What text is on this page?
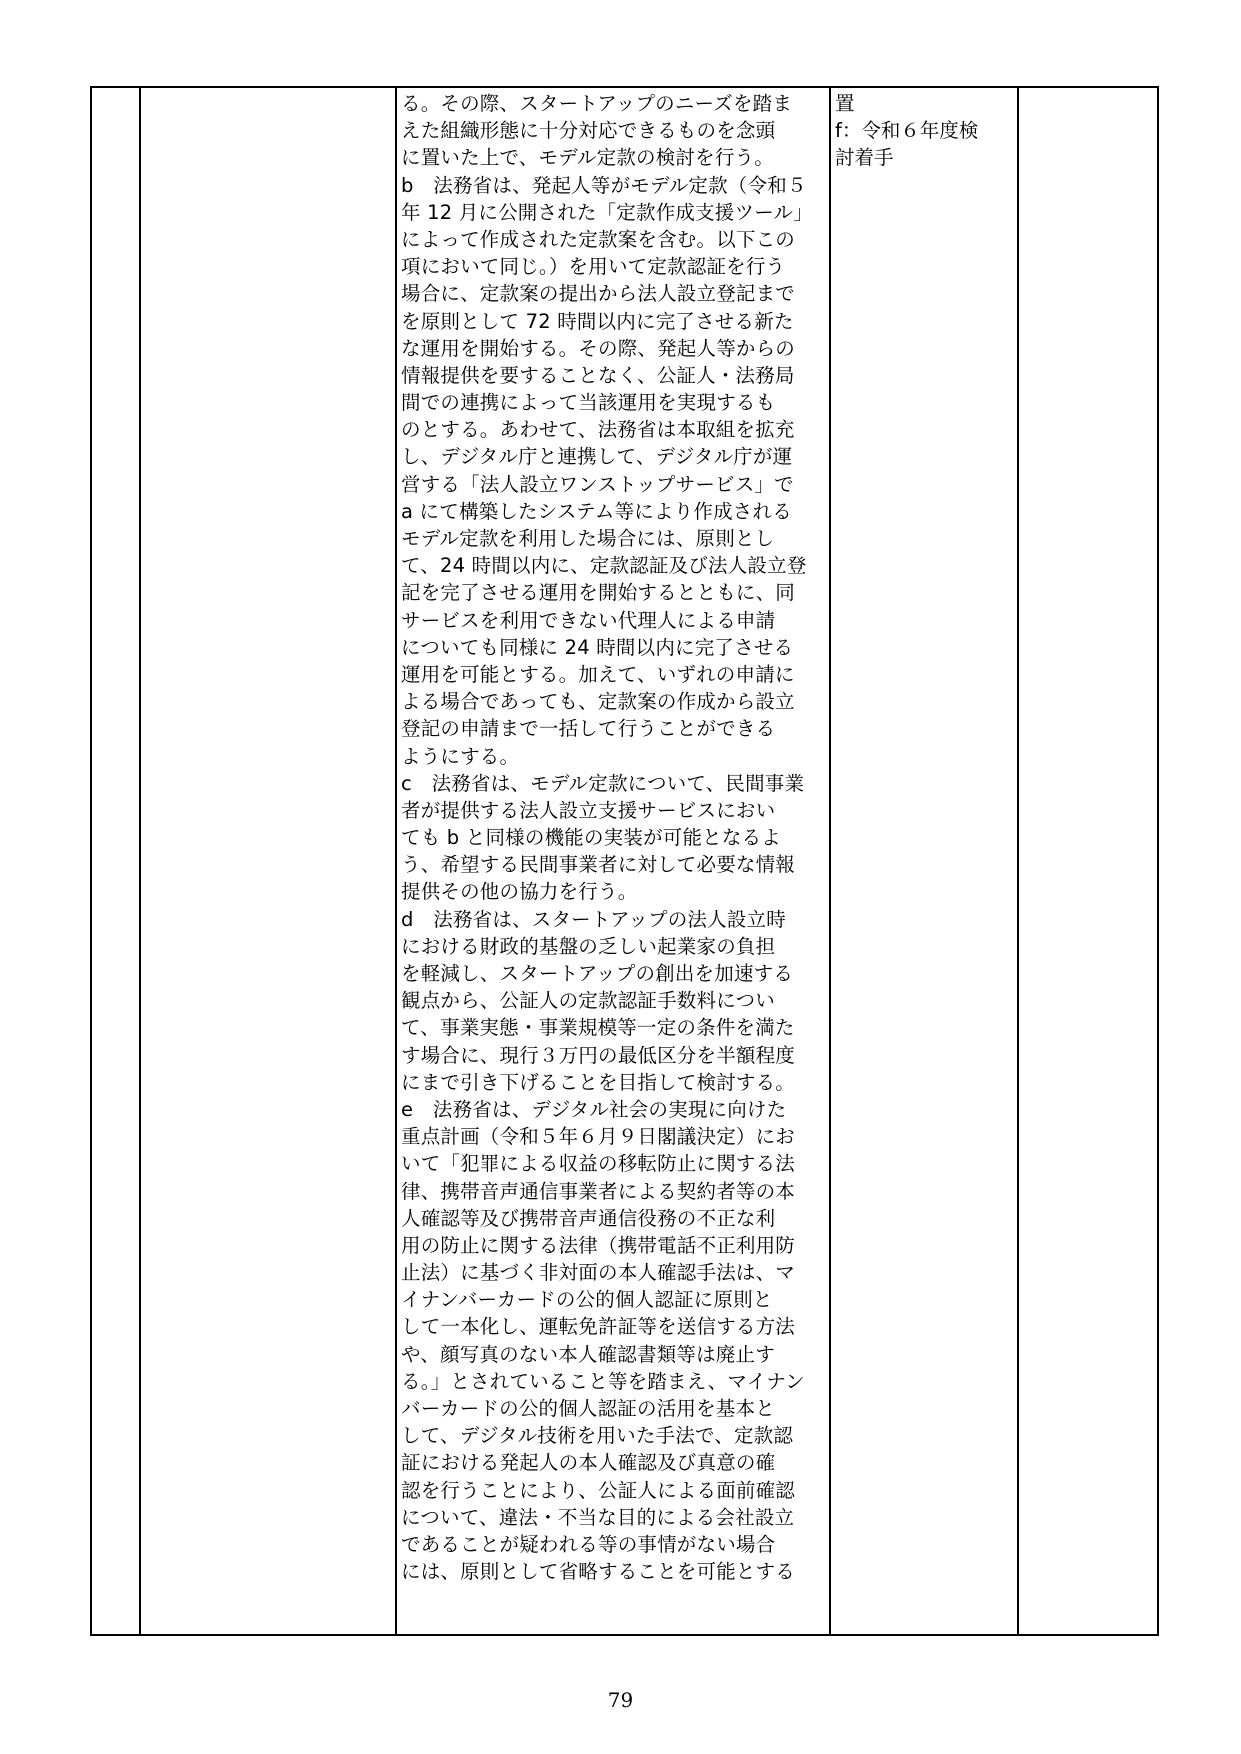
る。その際、スタートアップのニーズを踏ま
えた組織形態に十分対応できるものを念頭
に置いた上で、モデル定款の検討を行う。
b　法務省は、発起人等がモデル定款（令和５
年 12 月に公開された「定款作成支援ツール」
によって作成された定款案を含む。以下この
項において同じ。）を用いて定款認証を行う
場合に、定款案の提出から法人設立登記まで
を原則として 72 時間以内に完了させる新た
な運用を開始する。その際、発起人等からの
情報提供を要することなく、公証人・法務局
間での連携によって当該運用を実現するも
のとする。あわせて、法務省は本取組を拡充
し、デジタル庁と連携して、デジタル庁が運
営する「法人設立ワンストップサービス」で
a にて構築したシステム等により作成される
モデル定款を利用した場合には、原則とし
て、24 時間以内に、定款認証及び法人設立登
記を完了させる運用を開始するとともに、同
サービスを利用できない代理人による申請
についても同様に 24 時間以内に完了させる
運用を可能とする。加えて、いずれの申請に
よる場合であっても、定款案の作成から設立
登記の申請まで一括して行うことができる
ようにする。
c　法務省は、モデル定款について、民間事業
者が提供する法人設立支援サービスにおい
ても b と同様の機能の実装が可能となるよ
う、希望する民間事業者に対して必要な情報
提供その他の協力を行う。
d　法務省は、スタートアップの法人設立時
における財政的基盤の乏しい起業家の負担
を軽減し、スタートアップの創出を加速する
観点から、公証人の定款認証手数料につい
て、事業実態・事業規模等一定の条件を満た
す場合に、現行３万円の最低区分を半額程度
にまで引き下げることを目指して検討する。
e　法務省は、デジタル社会の実現に向けた
重点計画（令和５年６月９日閣議決定）にお
いて「犯罪による収益の移転防止に関する法
律、携帯音声通信事業者による契約者等の本
人確認等及び携帯音声通信役務の不正な利
用の防止に関する法律（携帯電話不正利用防
止法）に基づく非対面の本人確認手法は、マ
イナンバーカードの公的個人認証に原則と
して一本化し、運転免許証等を送信する方法
や、顔写真のない本人確認書類等は廃止す
る。」とされていること等を踏まえ、マイナン
バーカードの公的個人認証の活用を基本と
して、デジタル技術を用いた手法で、定款認
証における発起人の本人確認及び真意の確
認を行うことにより、公証人による面前確認
について、違法・不当な目的による会社設立
であることが疑われる等の事情がない場合
には、原則として省略することを可能とする
置
f：令和６年度検
討着手
79
